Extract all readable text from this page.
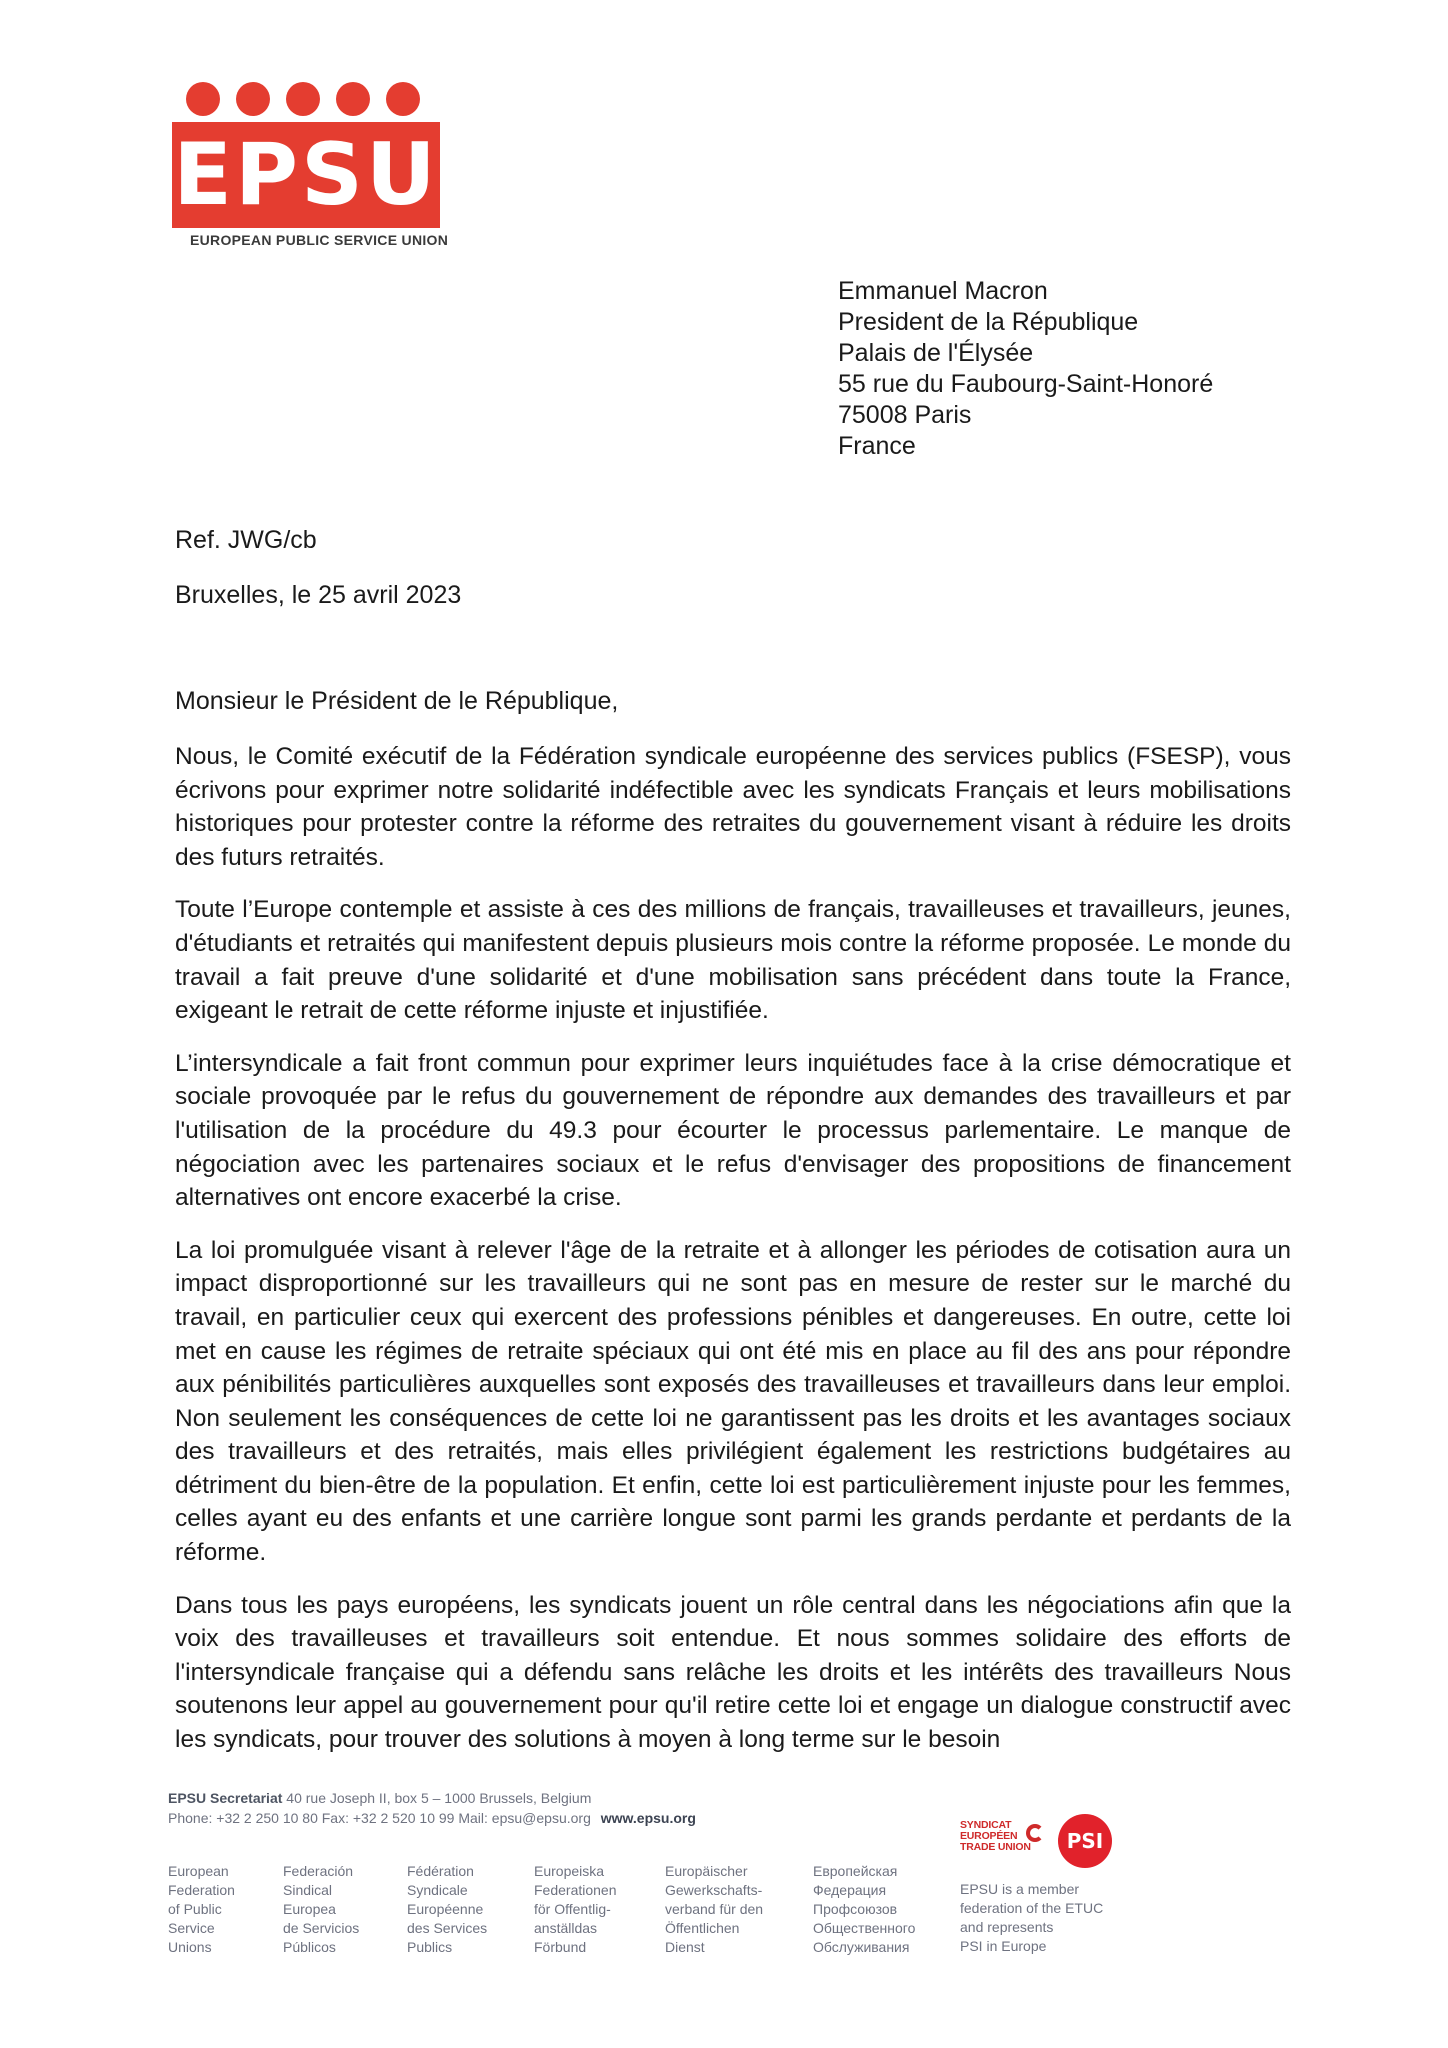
EPSU
EUROPEAN PUBLIC SERVICE UNION
Emmanuel Macron
President de la République
Palais de l'Élysée
55 rue du Faubourg-Saint-Honoré
75008 Paris
France
Ref. JWG/cb
Bruxelles, le 25 avril 2023
Monsieur le Président de le République,

Nous, le Comité exécutif de la Fédération syndicale européenne des services publics (FSESP), vous écrivons pour exprimer notre solidarité indéfectible avec les syndicats Français et leurs mobilisations historiques pour protester contre la réforme des retraites du gouvernement visant à réduire les droits des futurs retraités.

Toute l’Europe contemple et assiste à ces des millions de français, travailleuses et travailleurs, jeunes, d'étudiants et retraités qui manifestent depuis plusieurs mois contre la réforme proposée. Le monde du travail a fait preuve d'une solidarité et d'une mobilisation sans précédent dans toute la France, exigeant le retrait de cette réforme injuste et injustifiée.

L’intersyndicale a fait front commun pour exprimer leurs inquiétudes face à la crise démocratique et sociale provoquée par le refus du gouvernement de répondre aux demandes des travailleurs et par l'utilisation de la procédure du 49.3 pour écourter le processus parlementaire. Le manque de négociation avec les partenaires sociaux et le refus d'envisager des propositions de financement alternatives ont encore exacerbé la crise.

La loi promulguée visant à relever l'âge de la retraite et à allonger les périodes de cotisation aura un impact disproportionné sur les travailleurs qui ne sont pas en mesure de rester sur le marché du travail, en particulier ceux qui exercent des professions pénibles et dangereuses. En outre, cette loi met en cause les régimes de retraite spéciaux qui ont été mis en place au fil des ans pour répondre aux pénibilités particulières auxquelles sont exposés des travailleuses et travailleurs dans leur emploi. Non seulement les conséquences de cette loi ne garantissent pas les droits et les avantages sociaux des travailleurs et des retraités, mais elles privilégient également les restrictions budgétaires au détriment du bien-être de la population. Et enfin, cette loi est particulièrement injuste pour les femmes, celles ayant eu des enfants et une carrière longue sont parmi les grands perdante et perdants de la réforme.

Dans tous les pays européens, les syndicats jouent un rôle central dans les négociations afin que la voix des travailleuses et travailleurs soit entendue. Et nous sommes solidaire des efforts de l'intersyndicale française qui a défendu sans relâche les droits et les intérêts des travailleurs Nous soutenons leur appel au gouvernement pour qu'il retire cette loi et engage un dialogue constructif avec les syndicats, pour trouver des solutions à moyen à long terme sur le besoin

EPSU Secretariat 40 rue Joseph II, box 5 – 1000 Brussels, Belgium
Phone: +32 2 250 10 80 Fax: +32 2 520 10 99 Mail: epsu@epsu.org www.epsu.org
European
Federation
of Public
Service
Unions
Federación
Sindical
Europea
de Servicios
Públicos
Fédération
Syndicale
Européenne
des Services
Publics
Europeiska
Federationen
för Offentlig-
anställdas
Förbund
Europäischer
Gewerkschafts-
verband für den
Öffentlichen
Dienst
Европейская
Федерация
Профсоюзов
Общественного
Обслуживания
SYNDICAT
EUROPÉEN
TRADE UNION	PSI
EPSU is a member
federation of the ETUC
and represents
PSI in Europe
